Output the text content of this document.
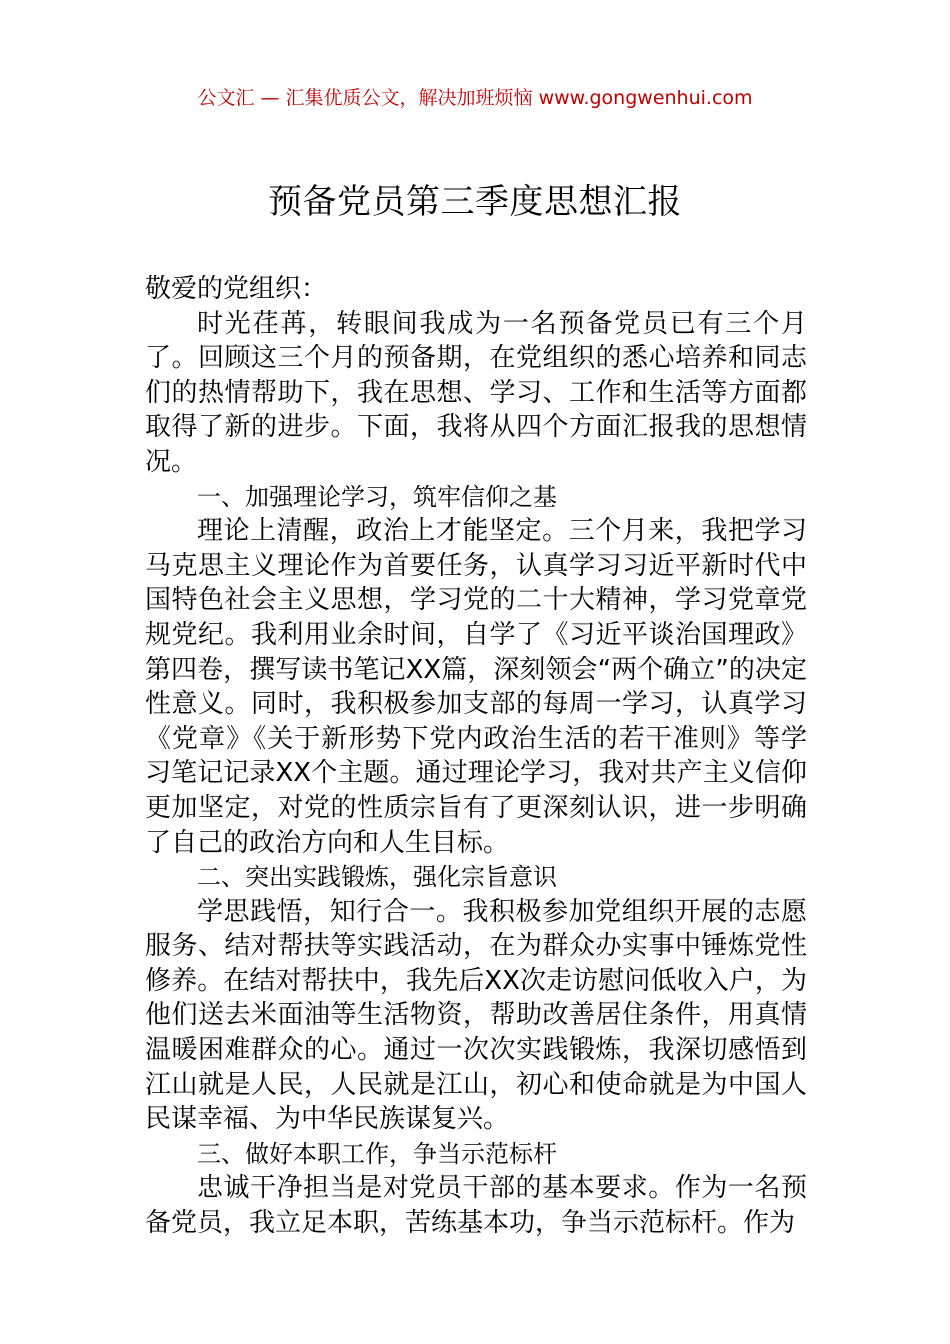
公文汇 — 汇集优质公文，解决加班烦恼 www.gongwenhui.com
预备党员第三季度思想汇报

敬爱的党组织：

时光荏苒，转眼间我成为一名预备党员已有三个月了。回顾这三个月的预备期，在党组织的悉心培养和同志们的热情帮助下，我在思想、学习、工作和生活等方面都取得了新的进步。下面，我将从四个方面汇报我的思想情况。

一、加强理论学习，筑牢信仰之基

理论上清醒，政治上才能坚定。三个月来，我把学习马克思主义理论作为首要任务，认真学习习近平新时代中国特色社会主义思想，学习党的二十大精神，学习党章党规党纪。我利用业余时间，自学了《习近平谈治国理政》第四卷，撰写读书笔记XX篇，深刻领会“两个确立”的决定性意义。同时，我积极参加支部的每周一学习，认真学习《党章》《关于新形势下党内政治生活的若干准则》等学习笔记记录XX个主题。通过理论学习，我对共产主义信仰更加坚定，对党的性质宗旨有了更深刻认识，进一步明确了自己的政治方向和人生目标。

二、突出实践锻炼，强化宗旨意识

学思践悟，知行合一。我积极参加党组织开展的志愿服务、结对帮扶等实践活动，在为群众办实事中锤炼党性修养。在结对帮扶中，我先后XX次走访慰问低收入户，为他们送去米面油等生活物资，帮助改善居住条件，用真情温暖困难群众的心。通过一次次实践锻炼，我深切感悟到江山就是人民，人民就是江山，初心和使命就是为中国人民谋幸福、为中华民族谋复兴。

三、做好本职工作，争当示范标杆

忠诚干净担当是对党员干部的基本要求。作为一名预备党员，我立足本职，苦练基本功，争当示范标杆。作为
